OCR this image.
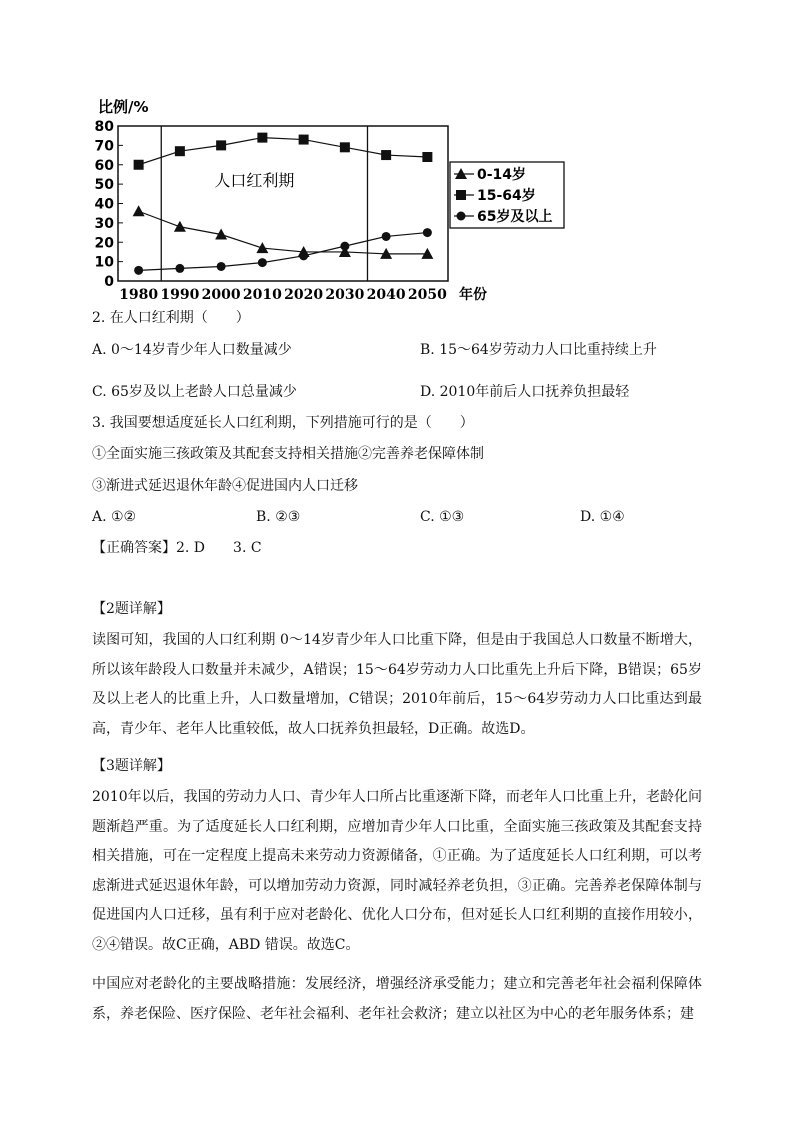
比例/%
80
70
60
50
40
30
20
10
0
1980 1990 2000 2010 2020 2030 2040 2050 年份
人口红利期	0-14岁
15-64岁
65岁及以上
2. 在人口红利期（　　）
A. 0～14岁青少年人口数量减少	B. 15～64岁劳动力人口比重持续上升
C. 65岁及以上老龄人口总量减少	D. 2010年前后人口抚养负担最轻
3. 我国要想适度延长人口红利期，下列措施可行的是（　　）
①全面实施三孩政策及其配套支持相关措施②完善养老保障体制
③渐进式延迟退休年龄④促进国内人口迁移
A. ①②	B. ②③	C. ①③	D. ①④
【正确答案】2. D　　3. C
【2题详解】
读图可知，我国的人口红利期 0～14岁青少年人口比重下降，但是由于我国总人口数量不断增大，所以该年龄段人口数量并未减少，A错误；15～64岁劳动力人口比重先上升后下降，B错误；65岁及以上老人的比重上升，人口数量增加，C错误；2010年前后，15～64岁劳动力人口比重达到最高，青少年、老年人比重较低，故人口抚养负担最轻，D正确。故选D。
【3题详解】
2010年以后，我国的劳动力人口、青少年人口所占比重逐渐下降，而老年人口比重上升，老龄化问题渐趋严重。为了适度延长人口红利期，应增加青少年人口比重，全面实施三孩政策及其配套支持相关措施，可在一定程度上提高未来劳动力资源储备，①正确。为了适度延长人口红利期，可以考虑渐进式延迟退休年龄，可以增加劳动力资源，同时减轻养老负担，③正确。完善养老保障体制与促进国内人口迁移，虽有利于应对老龄化、优化人口分布，但对延长人口红利期的直接作用较小，②④错误。故C正确，ABD 错误。故选C。
中国应对老龄化的主要战略措施：发展经济，增强经济承受能力；建立和完善老年社会福利保障体系，养老保险、医疗保险、老年社会福利、老年社会救济；建立以社区为中心的老年服务体系；建
